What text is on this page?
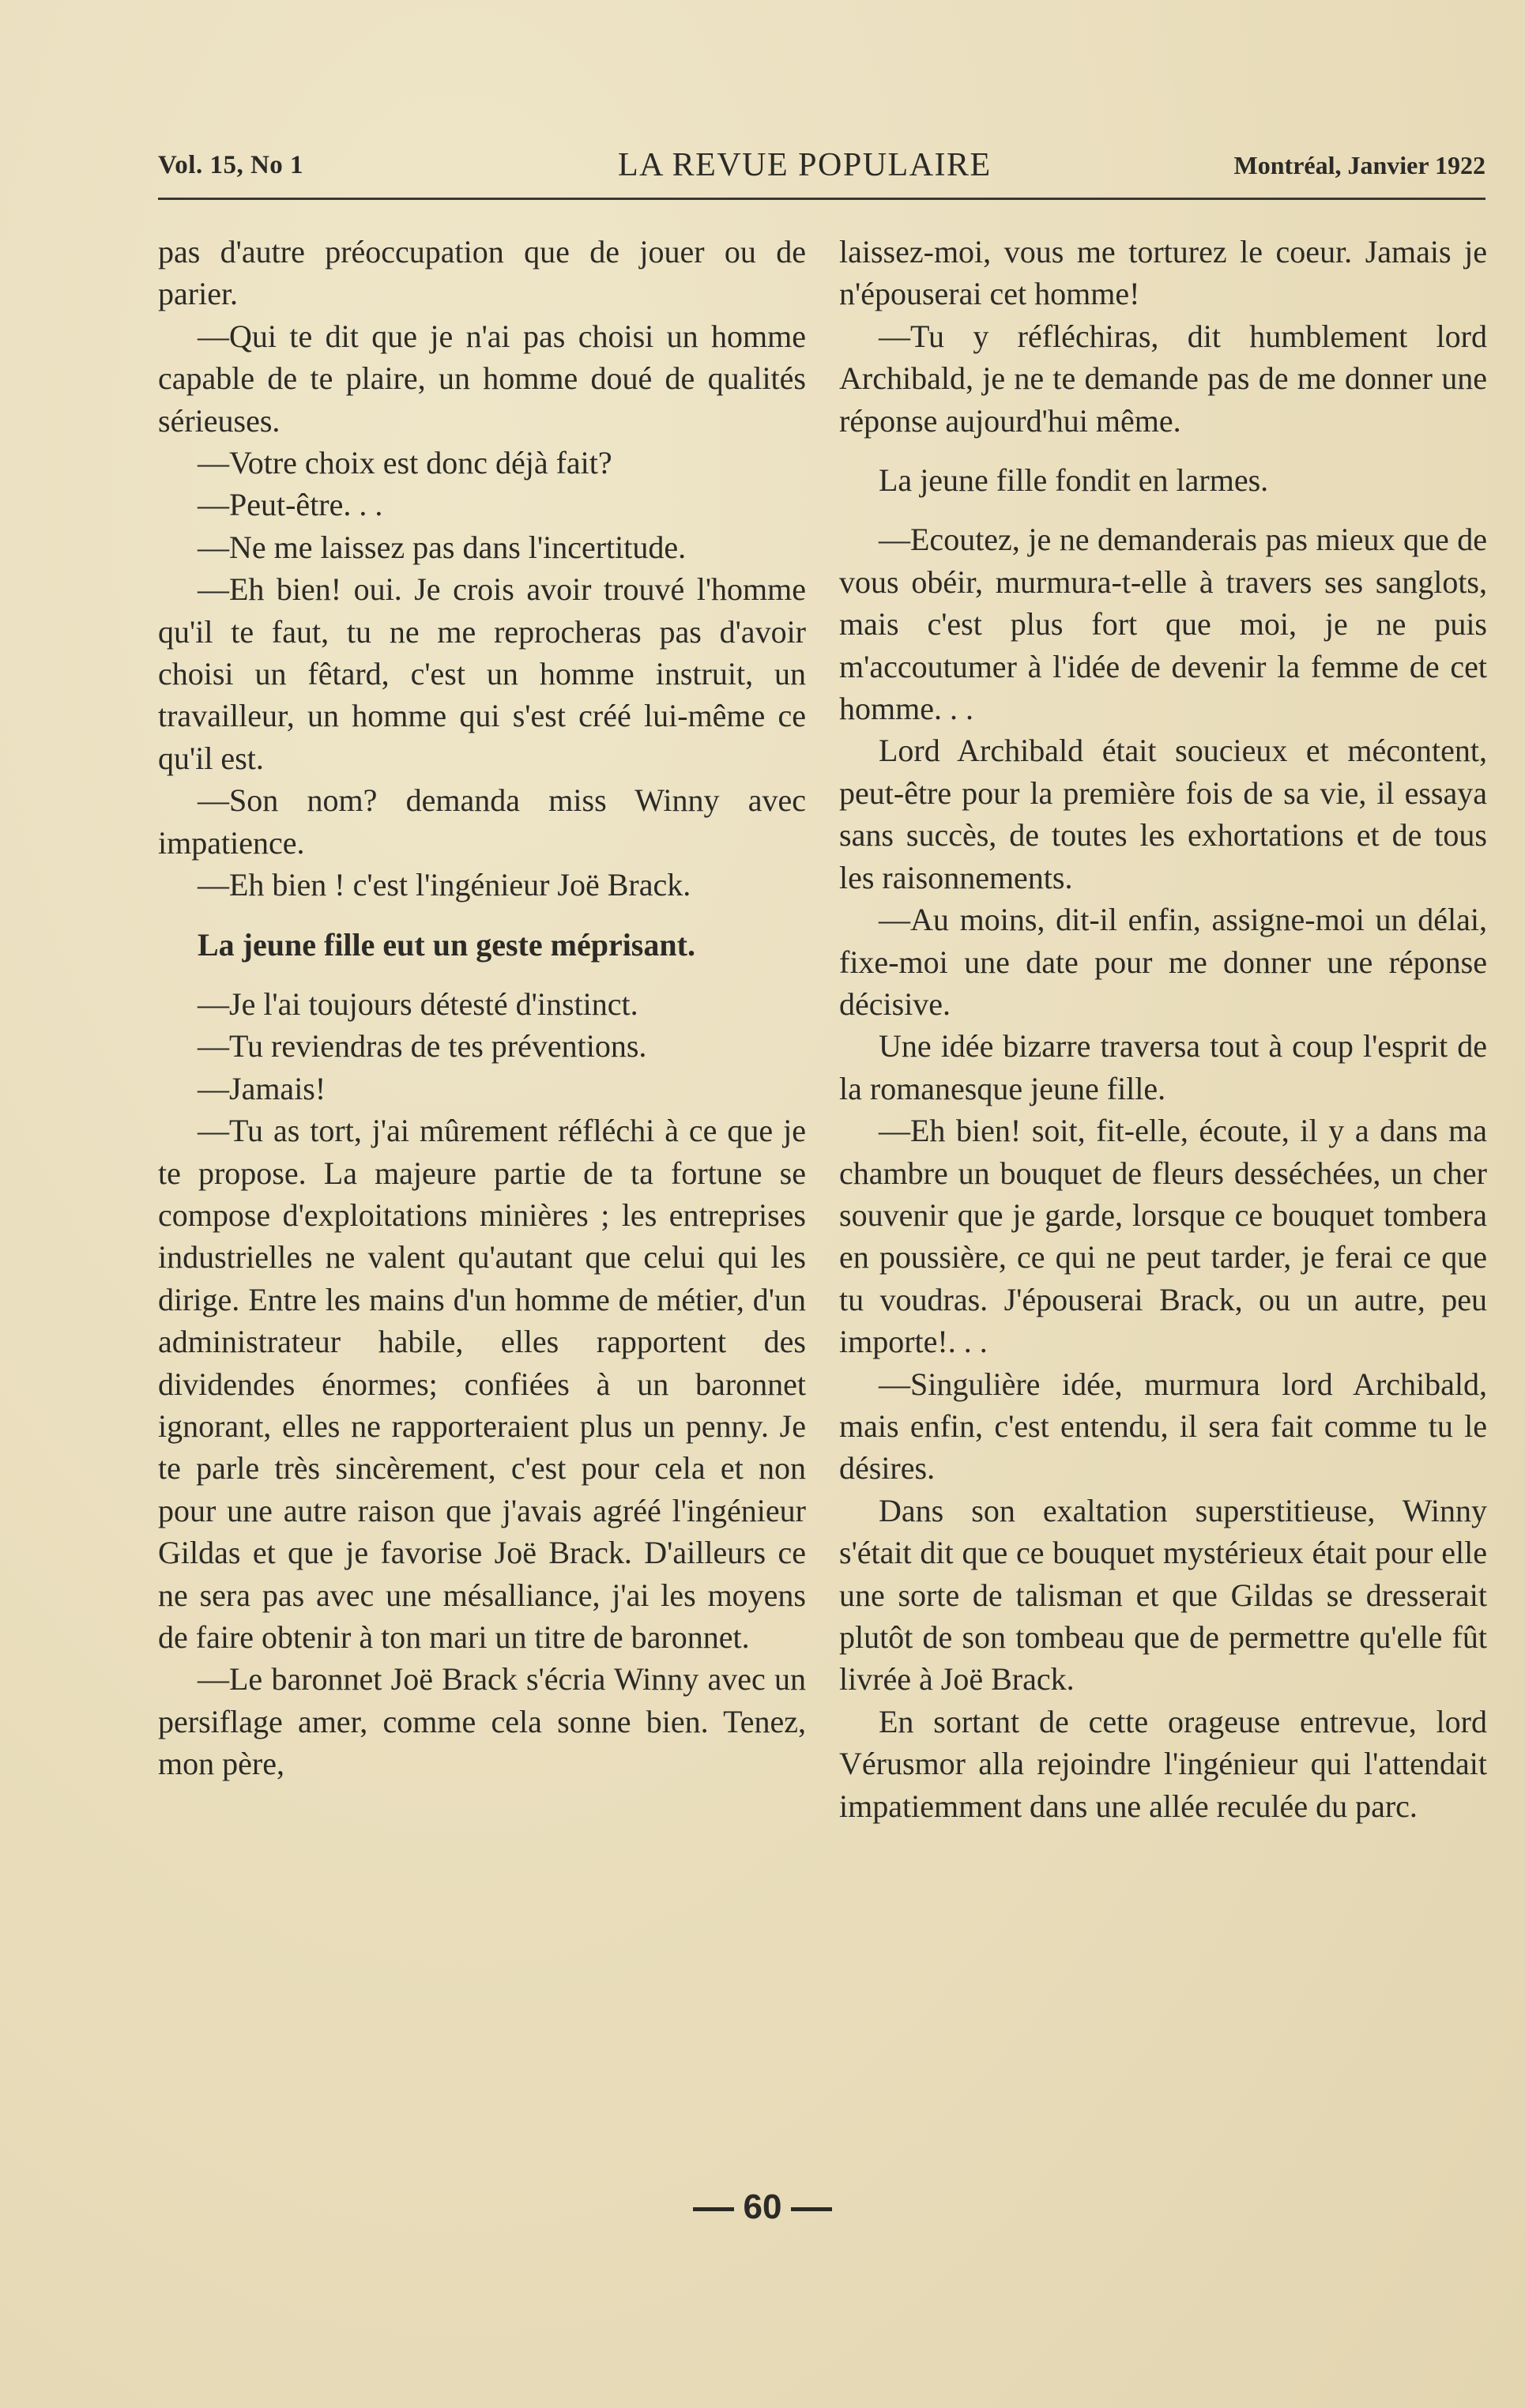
Vol. 15, No 1	LA REVUE POPULAIRE	Montréal, Janvier 1922

pas d'autre préoccupation que de jouer ou de parier.

—Qui te dit que je n'ai pas choisi un homme capable de te plaire, un homme doué de qualités sérieuses.

—Votre choix est donc déjà fait?

—Peut-être. . .

—Ne me laissez pas dans l'incertitude.

—Eh bien! oui. Je crois avoir trouvé l'homme qu'il te faut, tu ne me reprocheras pas d'avoir choisi un fêtard, c'est un homme instruit, un travailleur, un homme qui s'est créé lui-même ce qu'il est.

—Son nom? demanda miss Winny avec impatience.

—Eh bien ! c'est l'ingénieur Joë Brack.

La jeune fille eut un geste méprisant.

—Je l'ai toujours détesté d'instinct.

—Tu reviendras de tes préventions.

—Jamais!

—Tu as tort, j'ai mûrement réfléchi à ce que je te propose. La majeure partie de ta fortune se compose d'exploitations minières ; les entreprises industrielles ne valent qu'autant que celui qui les dirige. Entre les mains d'un homme de métier, d'un administrateur habile, elles rapportent des dividendes énormes; confiées à un baronnet ignorant, elles ne rapporteraient plus un penny. Je te parle très sincèrement, c'est pour cela et non pour une autre raison que j'avais agréé l'ingénieur Gildas et que je favorise Joë Brack. D'ailleurs ce ne sera pas avec une mésalliance, j'ai les moyens de faire obtenir à ton mari un titre de baronnet.

—Le baronnet Joë Brack s'écria Winny avec un persiflage amer, comme cela sonne bien. Tenez, mon père,

laissez-moi, vous me torturez le coeur. Jamais je n'épouserai cet homme!

—Tu y réfléchiras, dit humblement lord Archibald, je ne te demande pas de me donner une réponse aujourd'hui même.

La jeune fille fondit en larmes.

—Ecoutez, je ne demanderais pas mieux que de vous obéir, murmura-t-elle à travers ses sanglots, mais c'est plus fort que moi, je ne puis m'accoutumer à l'idée de devenir la femme de cet homme. . .

Lord Archibald était soucieux et mécontent, peut-être pour la première fois de sa vie, il essaya sans succès, de toutes les exhortations et de tous les raisonnements.

—Au moins, dit-il enfin, assigne-moi un délai, fixe-moi une date pour me donner une réponse décisive.

Une idée bizarre traversa tout à coup l'esprit de la romanesque jeune fille.

—Eh bien! soit, fit-elle, écoute, il y a dans ma chambre un bouquet de fleurs desséchées, un cher souvenir que je garde, lorsque ce bouquet tombera en poussière, ce qui ne peut tarder, je ferai ce que tu voudras. J'épouserai Brack, ou un autre, peu importe!. . .

—Singulière idée, murmura lord Archibald, mais enfin, c'est entendu, il sera fait comme tu le désires.

Dans son exaltation superstitieuse, Winny s'était dit que ce bouquet mystérieux était pour elle une sorte de talisman et que Gildas se dresserait plutôt de son tombeau que de permettre qu'elle fût livrée à Joë Brack.

En sortant de cette orageuse entrevue, lord Vérusmor alla rejoindre l'ingénieur qui l'attendait impatiemment dans une allée reculée du parc.

60
